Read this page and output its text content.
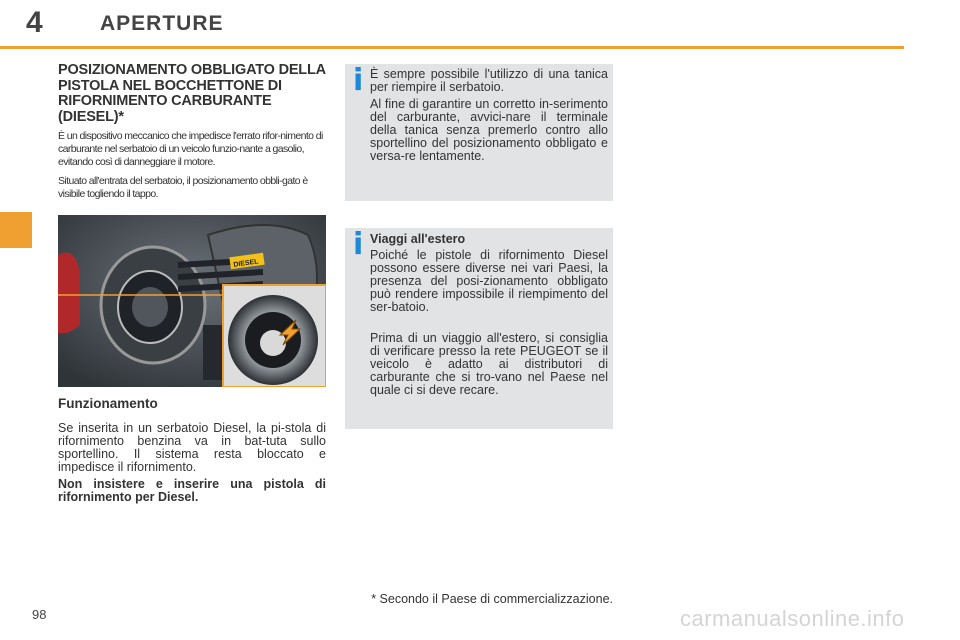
4	APERTURE
POSIZIONAMENTO OBBLIGATO DELLA PISTOLA NEL BOCCHETTONE DI RIFORNIMENTO CARBURANTE (DIESEL)*

È un dispositivo meccanico che impedisce l'errato rifor-nimento di carburante nel serbatoio di un veicolo funzio-nante a gasolio, evitando così di danneggiare il motore.

Situato all'entrata del serbatoio, il posizionamento obbli-gato è visibile togliendo il tappo.

DIESEL
Funzionamento

Se inserita in un serbatoio Diesel, la pi-stola di rifornimento benzina va in bat-tuta sullo sportellino. Il sistema resta bloccato e impedisce il rifornimento.

Non insistere e inserire una pistola di rifornimento per Diesel.

i È sempre possibile l'utilizzo di una tanica per riempire il serbatoio.

Al fine di garantire un corretto in-serimento del carburante, avvici-nare il terminale della tanica senza premerlo contro allo sportellino del posizionamento obbligato e versa-re lentamente.

i Viaggi all'estero

Poiché le pistole di rifornimento Diesel possono essere diverse nei vari Paesi, la presenza del posi-zionamento obbligato può rendere impossibile il riempimento del ser-batoio.

Prima di un viaggio all'estero, si consiglia di verificare presso la rete PEUGEOT se il veicolo è adatto ai distributori di carburante che si tro-vano nel Paese nel quale ci si deve recare.

* Secondo il Paese di commercializzazione.
98	carmanualsonline.info
